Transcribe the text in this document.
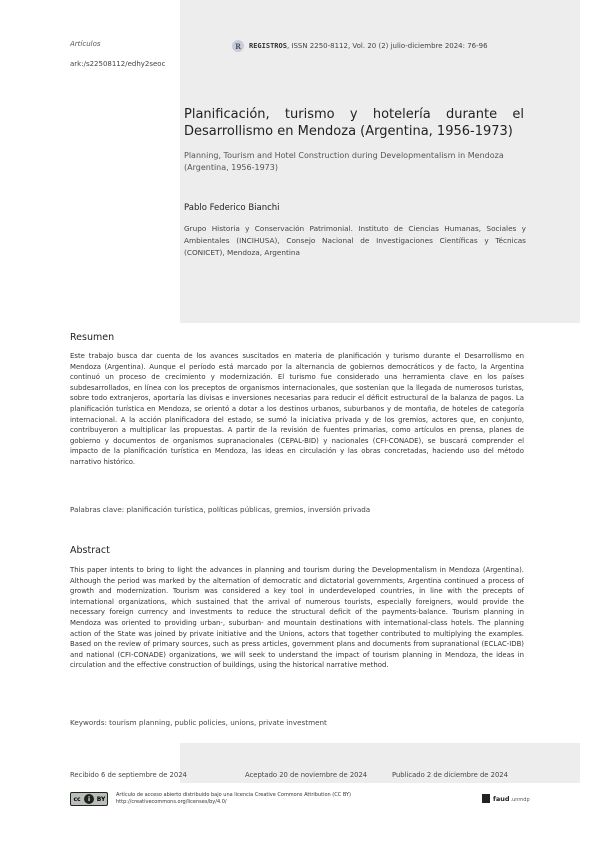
Artículos	R	REGISTROS, ISSN 2250-8112, Vol. 20 (2) julio-diciembre 2024: 76-96
ark:/s22508112/edhy2seoc
Planificación, turismo y hotelería durante el Desarrollismo en Mendoza (Argentina, 1956-1973)
Planning, Tourism and Hotel Construction during Developmentalism in Mendoza (Argentina, 1956-1973)
Pablo Federico Bianchi
Grupo Historia y Conservación Patrimonial. Instituto de Ciencias Humanas, Sociales y Ambientales (INCIHUSA), Consejo Nacional de Investigaciones Científicas y Técnicas (CONICET), Mendoza, Argentina
Resumen
Este trabajo busca dar cuenta de los avances suscitados en materia de planificación y turismo durante el Desarrollismo en Mendoza (Argentina). Aunque el período está marcado por la alternancia de gobiernos democráticos y de facto, la Argentina continuó un proceso de crecimiento y modernización. El turismo fue considerado una herramienta clave en los países subdesarrollados, en línea con los preceptos de organismos internacionales, que sostenían que la llegada de numerosos turistas, sobre todo extranjeros, aportaría las divisas e inversiones necesarias para reducir el déficit estructural de la balanza de pagos. La planificación turística en Mendoza, se orientó a dotar a los destinos urbanos, suburbanos y de montaña, de hoteles de categoría internacional. A la acción planificadora del estado, se sumó la iniciativa privada y de los gremios, actores que, en conjunto, contribuyeron a multiplicar las propuestas. A partir de la revisión de fuentes primarias, como artículos en prensa, planes de gobierno y documentos de organismos supranacionales (CEPAL-BID) y nacionales (CFI-CONADE), se buscará comprender el impacto de la planificación turística en Mendoza, las ideas en circulación y las obras concretadas, haciendo uso del método narrativo histórico.
Palabras clave: planificación turística, políticas públicas, gremios, inversión privada
Abstract
This paper intents to bring to light the advances in planning and tourism during the Developmentalism in Mendoza (Argentina). Although the period was marked by the alternation of democratic and dictatorial governments, Argentina continued a process of growth and modernization. Tourism was considered a key tool in underdeveloped countries, in line with the precepts of international organizations, which sustained that the arrival of numerous tourists, especially foreigners, would provide the necessary foreign currency and investments to reduce the structural deficit of the payments-balance. Tourism planning in Mendoza was oriented to providing urban-, suburban- and mountain destinations with international-class hotels. The planning action of the State was joined by private initiative and the Unions, actors that together contributed to multiplying the examples. Based on the review of primary sources, such as press articles, government plans and documents from supranational (ECLAC-IDB) and national (CFI-CONADE) organizations, we will seek to understand the impact of tourism planning in Mendoza, the ideas in circulation and the effective construction of buildings, using the historical narrative method.
Keywords: tourism planning, public policies, unions, private investment
Recibido 6 de septiembre de 2024	Aceptado 20 de noviembre de 2024	Publicado 2 de diciembre de 2024
cc	i	BY
Artículo de acceso abierto distribuido bajo una licencia Creative Commons Attribution (CC BY)
http://creativecommons.org/licenses/by/4.0/	faud.unmdp
